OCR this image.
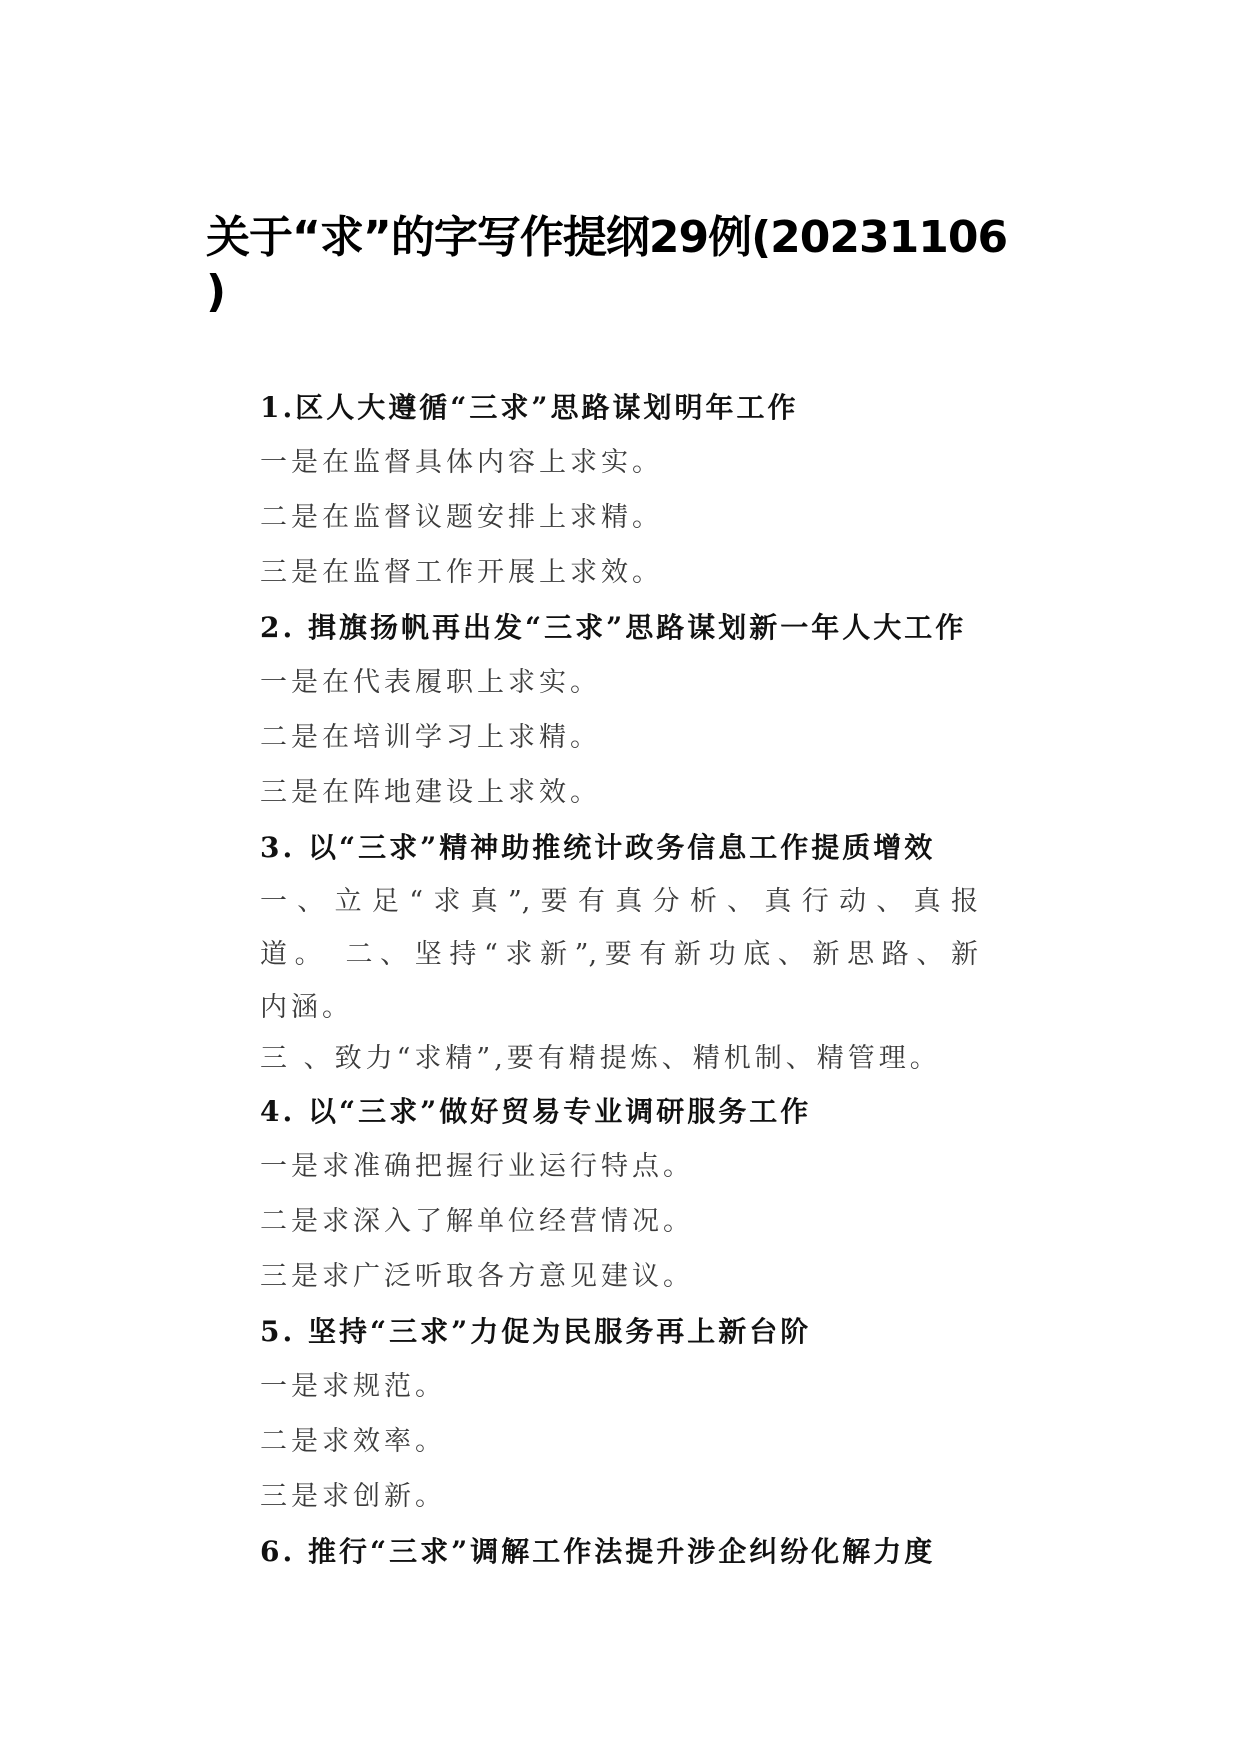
关于“求”的字写作提纲29例(20231106
)
1.区人大遵循“三求”思路谋划明年工作
一是在监督具体内容上求实。
二是在监督议题安排上求精。
三是在监督工作开展上求效。
2. 揖旗扬帆再出发“三求”思路谋划新一年人大工作
一是在代表履职上求实。
二是在培训学习上求精。
三是在阵地建设上求效。
3. 以“三求”精神助推统计政务信息工作提质增效
一、立足“求真”,要有真分析、真行动、真报
道。 二、坚持“求新”,要有新功底、新思路、新
内涵。
三 、致力“求精”,要有精提炼、精机制、精管理。
4. 以“三求”做好贸易专业调研服务工作
一是求准确把握行业运行特点。
二是求深入了解单位经营情况。
三是求广泛听取各方意见建议。
5. 坚持“三求”力促为民服务再上新台阶
一是求规范。
二是求效率。
三是求创新。
6. 推行“三求”调解工作法提升涉企纠纷化解力度
